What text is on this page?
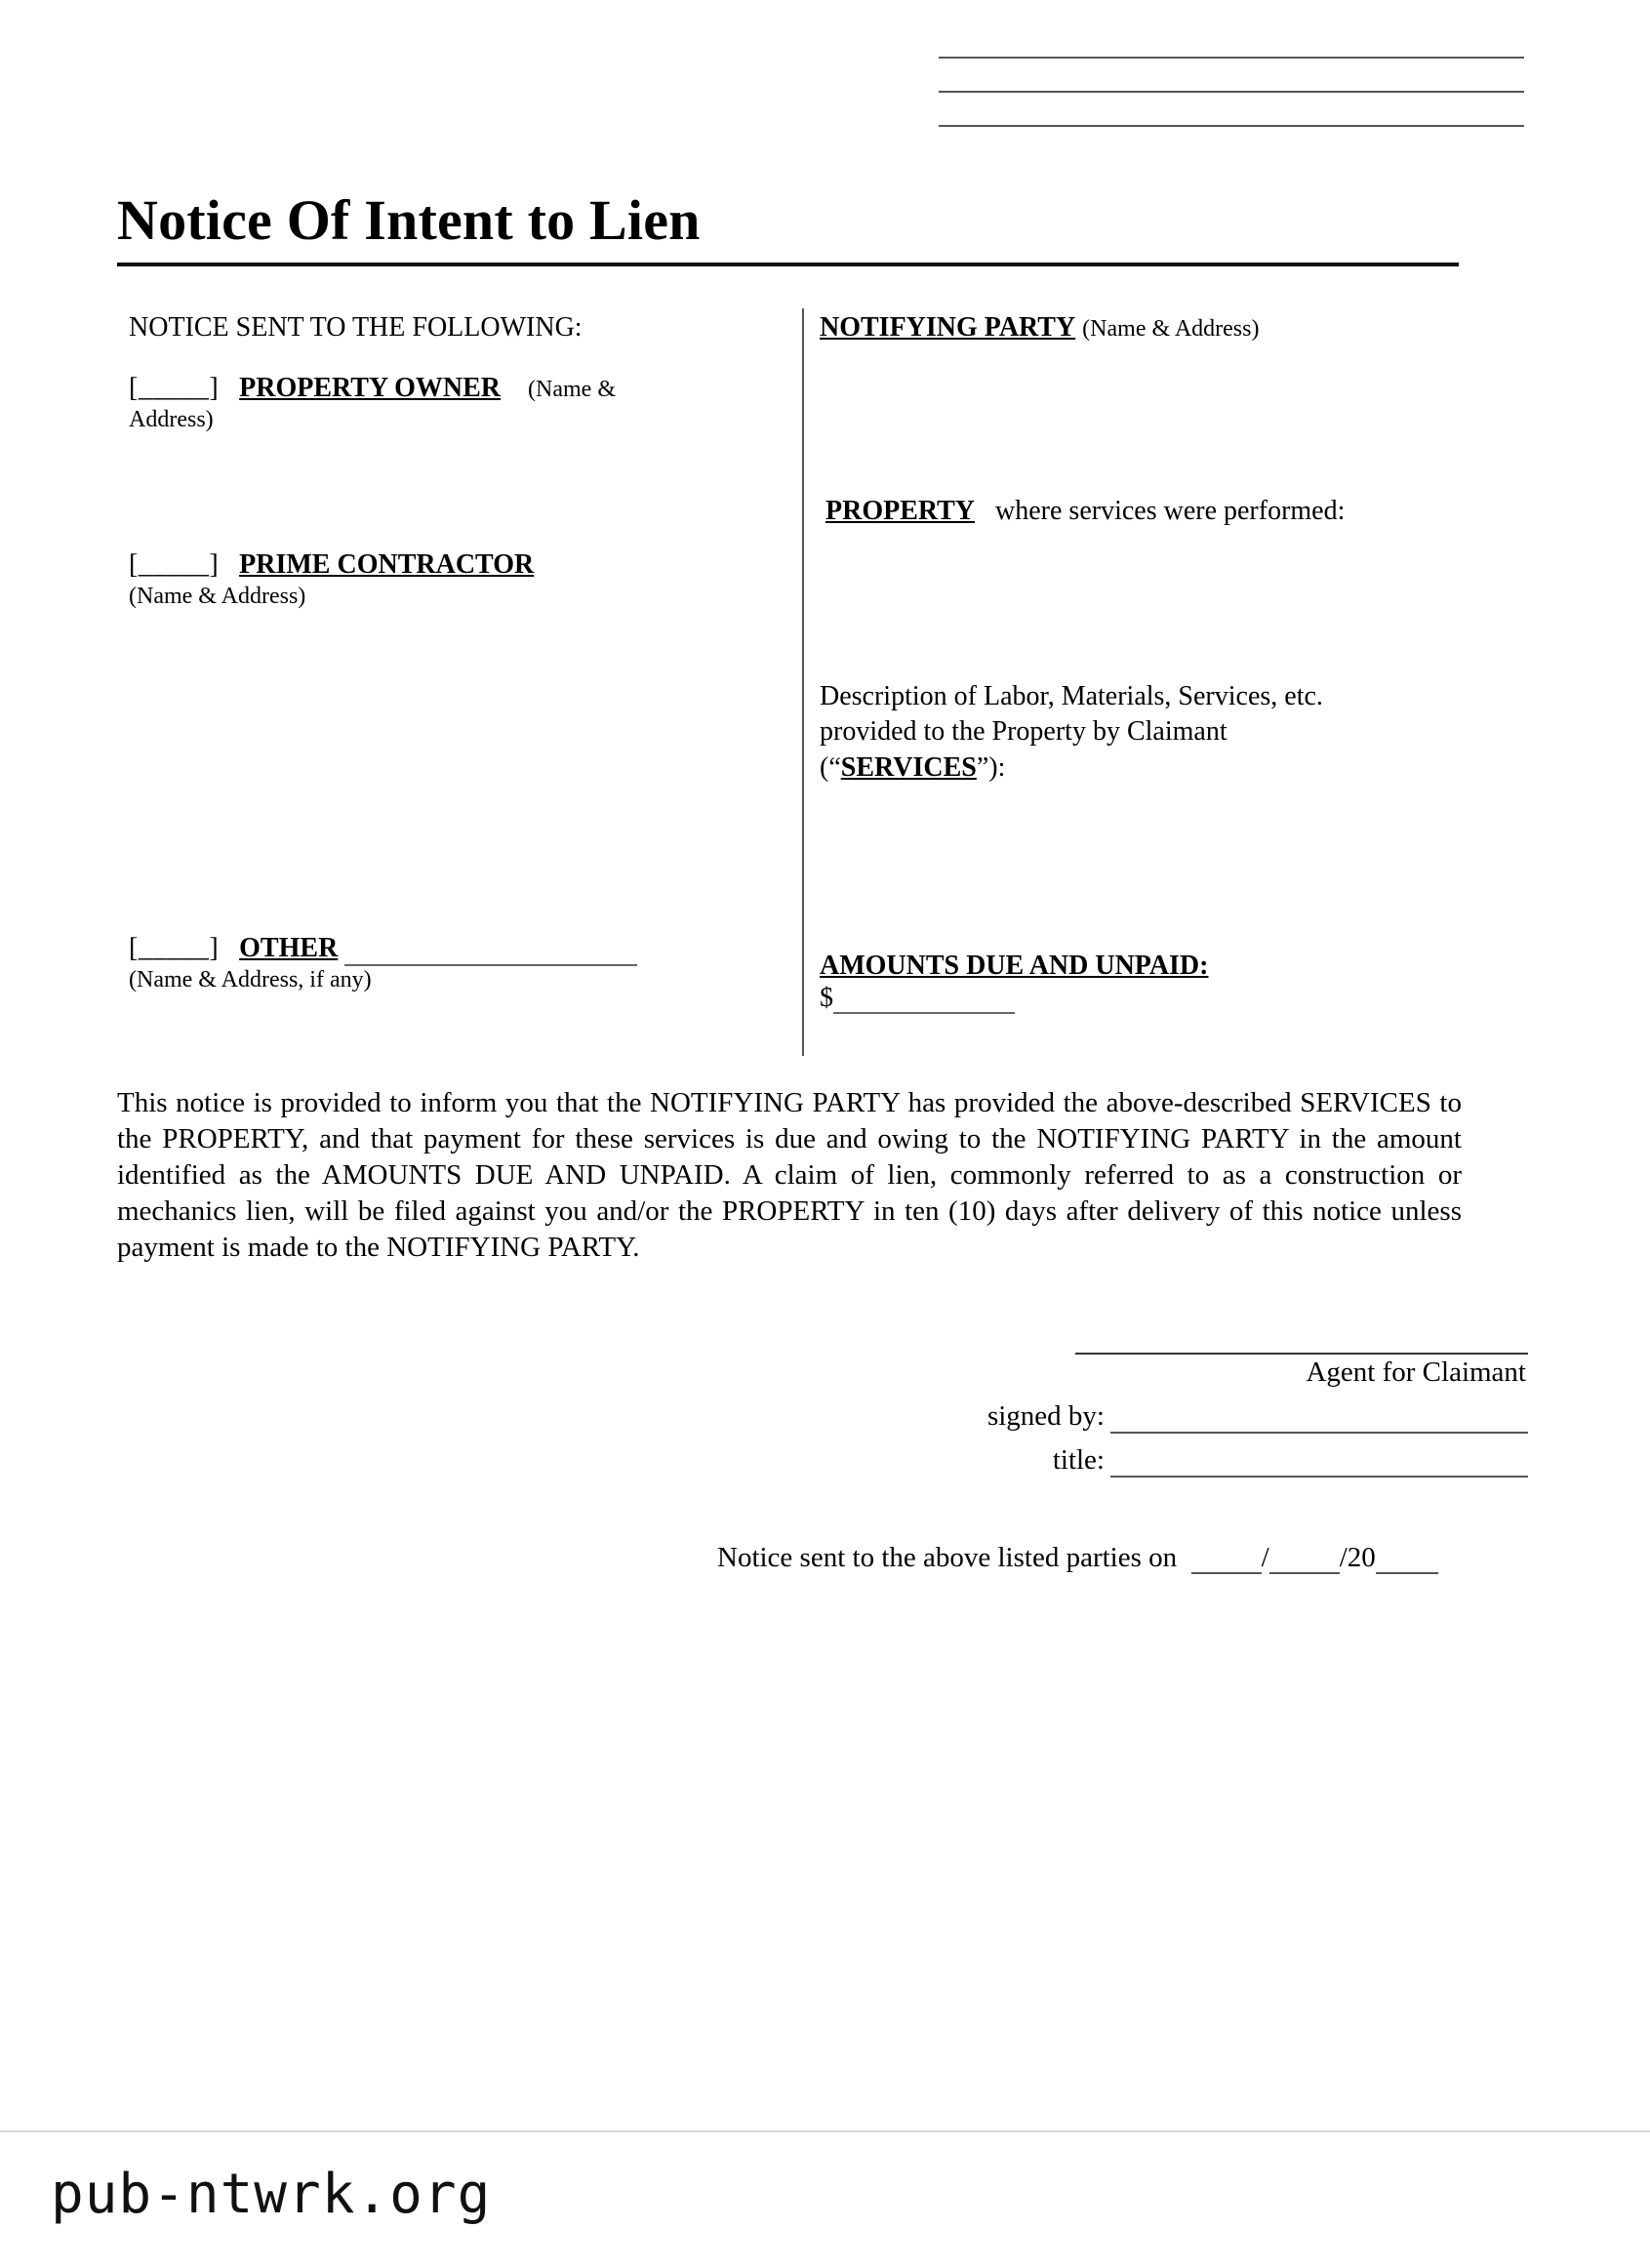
Notice Of Intent to Lien

NOTICE SENT TO THE FOLLOWING:

[_____] PROPERTY OWNER (Name &

Address)

[_____] PRIME CONTRACTOR

(Name & Address)

[_____] OTHER

(Name & Address, if any)

NOTIFYING PARTY (Name & Address)

PROPERTY where services were performed:

Description of Labor, Materials, Services, etc.

provided to the Property by Claimant

(“SERVICES”):

AMOUNTS DUE AND UNPAID:

$

This notice is provided to inform you that the NOTIFYING PARTY has provided the above-described SERVICES to the PROPERTY, and that payment for these services is due and owing to the NOTIFYING PARTY in the amount identified as the AMOUNTS DUE AND UNPAID. A claim of lien, commonly referred to as a construction or mechanics lien, will be filed against you and/or the PROPERTY in ten (10) days after delivery of this notice unless payment is made to the NOTIFYING PARTY.

Agent for Claimant

signed by:
title:
Notice sent to the above listed parties on	/ /20
pub-ntwrk.org
